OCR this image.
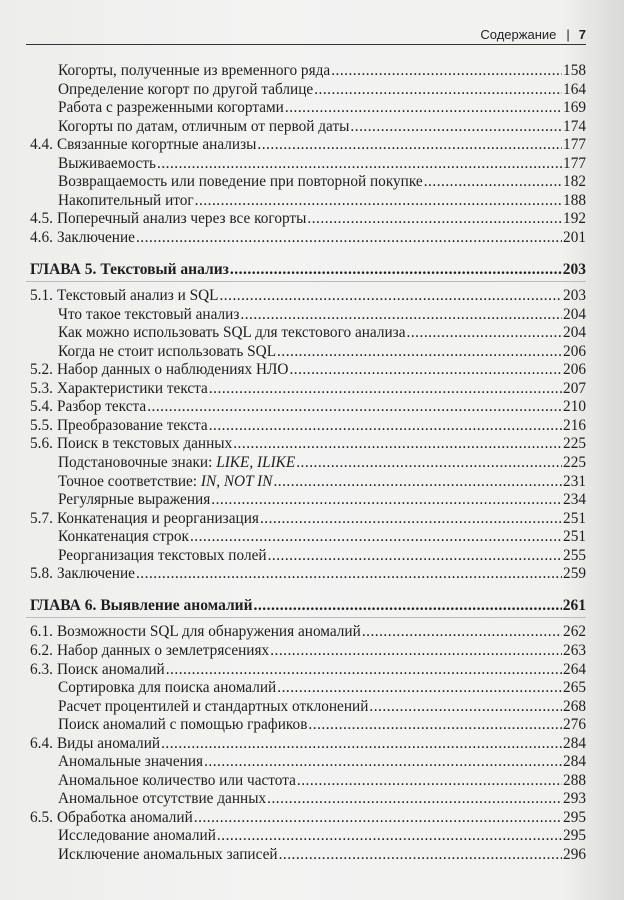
Содержание | 7
Когорты, полученные из временного ряда .....	158
Определение когорт по другой таблице .....	164
Работа с разреженными когортами .....	169
Когорты по датам, отличным от первой даты .....	174
4.4. Связанные когортные анализы .....	177
Выживаемость .....	177
Возвращаемость или поведение при повторной покупке .....	182
Накопительный итог .....	188
4.5. Поперечный анализ через все когорты .....	192
4.6. Заключение .....	201
ГЛАВА 5. Текстовый анализ .....	203
5.1. Текстовый анализ и SQL .....	203
Что такое текстовый анализ .....	204
Как можно использовать SQL для текстового анализа .....	204
Когда не стоит использовать SQL .....	206
5.2. Набор данных о наблюдениях НЛО .....	206
5.3. Характеристики текста .....	207
5.4. Разбор текста .....	210
5.5. Преобразование текста .....	216
5.6. Поиск в текстовых данных .....	225
Подстановочные знаки: LIKE, ILIKE .....	225
Точное соответствие: IN, NOT IN .....	231
Регулярные выражения .....	234
5.7. Конкатенация и реорганизация .....	251
Конкатенация строк .....	251
Реорганизация текстовых полей .....	255
5.8. Заключение .....	259
ГЛАВА 6. Выявление аномалий .....	261
6.1. Возможности SQL для обнаружения аномалий .....	262
6.2. Набор данных о землетрясениях .....	263
6.3. Поиск аномалий .....	264
Сортировка для поиска аномалий .....	265
Расчет процентилей и стандартных отклонений .....	268
Поиск аномалий с помощью графиков .....	276
6.4. Виды аномалий .....	284
Аномальные значения .....	284
Аномальное количество или частота .....	288
Аномальное отсутствие данных .....	293
6.5. Обработка аномалий .....	295
Исследование аномалий .....	295
Исключение аномальных записей .....	296
